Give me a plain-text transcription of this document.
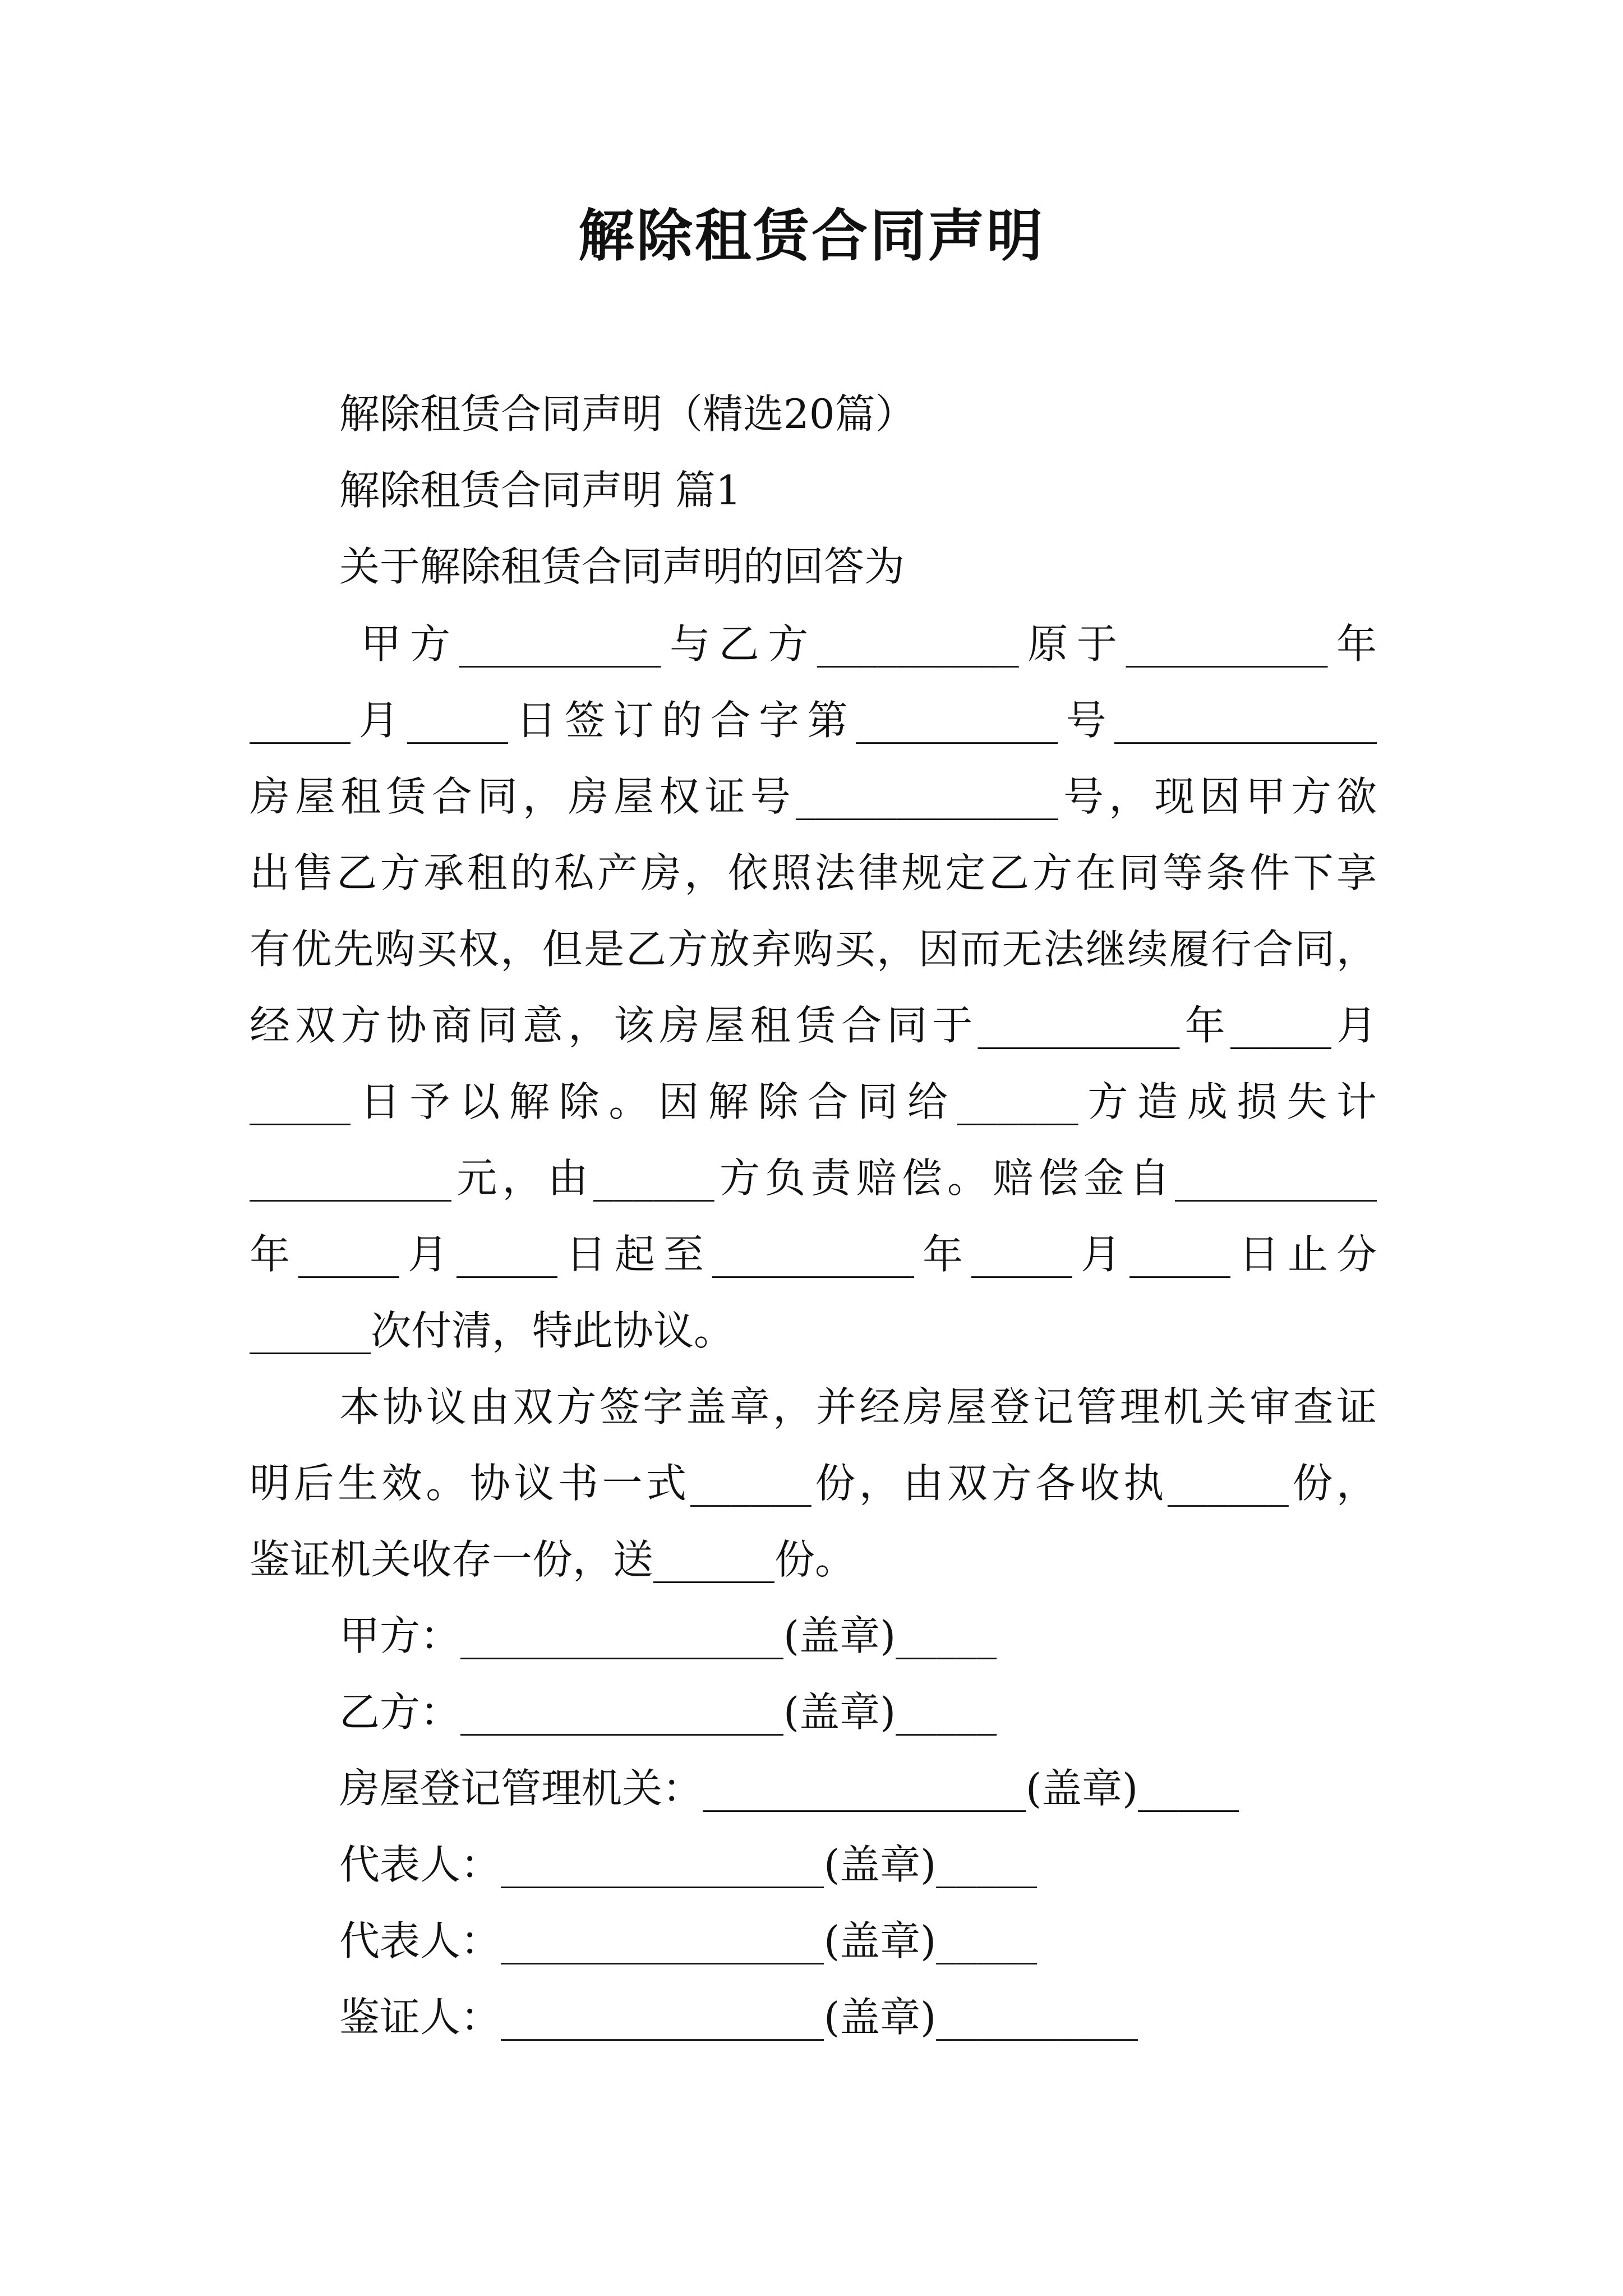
解除租赁合同声明
解除租赁合同声明（精选20篇）
解除租赁合同声明 篇1
关于解除租赁合同声明的回答为
甲方__________与乙方__________原于__________年
_____月_____日签订的合字第__________号_____________
房屋租赁合同，房屋权证号_____________号，现因甲方欲
出售乙方承租的私产房，依照法律规定乙方在同等条件下享
有优先购买权，但是乙方放弃购买，因而无法继续履行合同，
经双方协商同意，该房屋租赁合同于__________年_____月
_____日予以解除。因解除合同给______方造成损失计
__________元，由______方负责赔偿。赔偿金自__________
年_____月_____日起至__________年_____月_____日止分
______次付清，特此协议。
本协议由双方签字盖章，并经房屋登记管理机关审查证
明后生效。协议书一式______份，由双方各收执______份，
鉴证机关收存一份，送______份。
甲方：________________(盖章)_____
乙方：________________(盖章)_____
房屋登记管理机关：________________(盖章)_____
代表人：________________(盖章)_____
代表人：________________(盖章)_____
鉴证人：________________(盖章)__________
